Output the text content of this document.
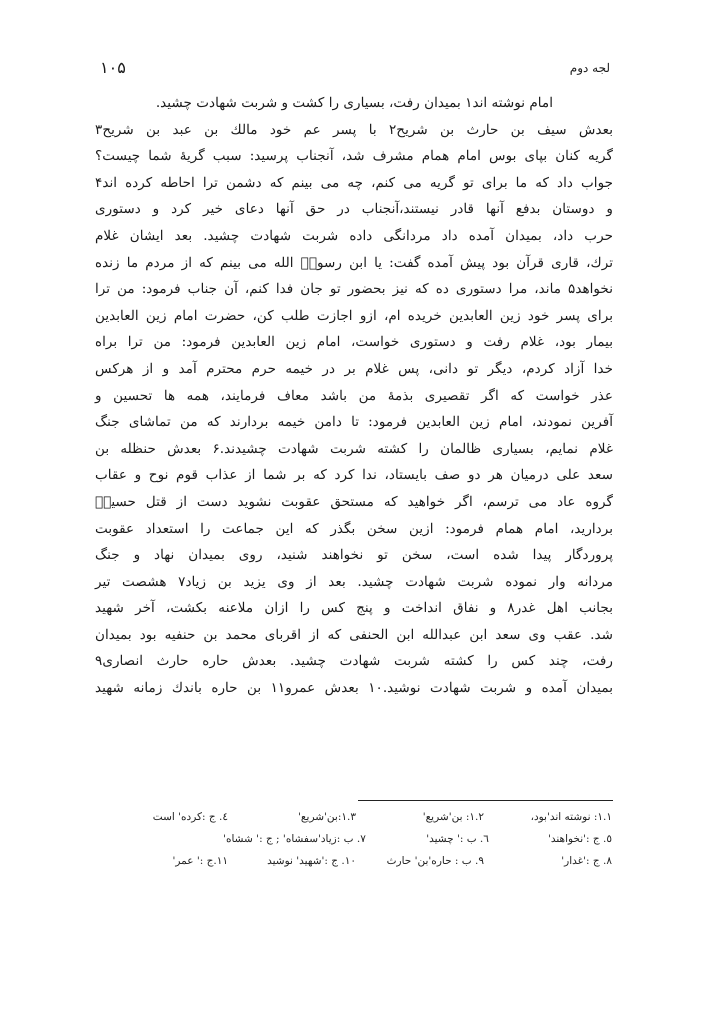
۱۰۵	لجه دوم
امام نوشته اند۱ بمیدان رفت، بسیاری را کشت و شربت شهادت چشید.
بعدش سیف بن حارث بن شریح۲ با پسر عم خود مالك بن عبد بن شریح۳
گریه کنان بپای بوس امام همام مشرف شد، آنجناب پرسید: سبب گریۀ شما چیست؟
جواب داد که ما برای تو گریه می کنم، چه می بینم که دشمن ترا احاطه کرده اند۴
و دوستان بدفع آنها قادر نیستند،آنجناب در حق آنها دعای خیر کرد و دستوری
حرب داد، بمیدان آمده داد مردانگی داده شربت شهادت چشید. بعد ایشان غلام
ترك، قاری قرآن بود پیش آمده گفت: یا ابن رسولؐ الله می بینم که از مردم ما زنده
نخواهد۵ ماند، مرا دستوری ده که نیز بحضور تو جان فدا کنم، آن جناب فرمود: من ترا
برای پسر خود زین العابدین خریده ام، ازو اجازت طلب کن، حضرت امام زین العابدین
بیمار بود، غلام رفت و دستوری خواست، امام زین العابدین فرمود: من ترا براه
خدا آزاد کردم، دیگر تو دانی، پس غلام بر در خیمه حرم محترم آمد و از هرکس
عذر خواست که اگر تقصیری بذمۀ من باشد معاف فرمایند، همه ها تحسین و
آفرین نمودند، امام زین العابدین فرمود: تا دامن خیمه بردارند که من تماشای جنگ
غلام نمایم، بسیاری ظالمان را کشته شربت شهادت چشیدند.۶ بعدش حنظله بن
سعد علی درمیان هر دو صف بایستاد، ندا کرد که بر شما از عذاب قوم نوح و عقاب
گروه عاد می ترسم، اگر خواهید که مستحق عقوبت نشوید دست از قتل حسینؑ
بردارید، امام همام فرمود: ازین سخن بگذر که این جماعت را استعداد عقوبت
پروردگار پیدا شده است، سخن تو نخواهند شنید، روی بمیدان نهاد و جنگ
مردانه وار نموده شربت شهادت چشید. بعد از وی یزید بن زیاد۷ هشصت تیر
بجانب اهل غدر۸ و نفاق انداخت و پنج کس را ازان ملاعنه بکشت، آخر شهید
شد. عقب وی سعد ابن عبدالله ابن الحنفی که از اقربای محمد بن حنفیه بود بمیدان
رفت، چند کس را کشته شربت شهادت چشید. بعدش حاره حارث انصاری۹
بمیدان آمده و شربت شهادت نوشید.۱۰ بعدش عمرو۱۱ بن حاره باندك زمانه شهید
۱.۱: نوشته اند'بود،
۱.۲: بن'شریع'
۱.۳:بن'شریع'
٤. ج :کرده' است
٥. ج :'نخواهند'
٦. ب :' چشید'
۷. ب :زیاد'سفشاه' ; ج :' ششاه'
۸. ج :'غدار'
۹. ب : حاره'بن' حارث
۱۰. ج :'شهید' نوشید
۱۱.ج :' عمر'
